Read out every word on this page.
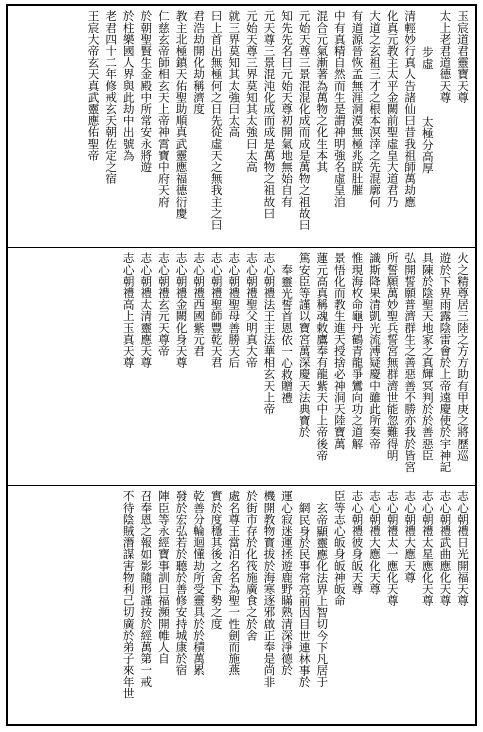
玉宸道君靈寶天尊
太上老君道德天尊
步虛　　　　太極分高厚
清輕妙行真人告諸仙曰昔我祖師萬劫應
化真元教主太平金闕前聖虛皇大道君乃
大道之玄祖三才之根本溟涬之先混廓何
有道源晉恢孟無涯洞漠無極兆眹肚膗
中有真精自然而生是謂神明強名虛皇洎
混合元氣漸著為萬物之化生本其
元始天尊三景混混化成而成是萬物之祖故曰
知先先名曰元始天尊初開氣地無始自有
元天尊三景混沌化成而成是萬物之祖故曰
元始天尊三界莫知其太強曰太高
就三界莫知其太強曰太高
曰上首出無極何之日先從虛天之無我主之曰
君浩劫開化劫稱濟度
教主北極鎮天佑聖助順真武靈應福德衍慶
仁慈玄帝師相玄天上帝神霄寶中府天府
於朝聖賢生金殿中所常安永將遊
於柱樂國人界與此劫中出號為
老君四十二年修戒玄天朝佐定之宿
王宸大帝玄天真武靈應佑聖帝
火之精尊居三陸之方方助有甲庚之將歷巡
遊於下界雨露陰雷會於上帝遠慶使於宇神記
具陳於陰聖天地家之真輝冥判於於善惡臣
弘開誓願普濟群生之善惡善不勝亦我於皆宮
所誓願萬妙聖兵誓宮無群濟世能忽難得明
識斯降果清凱光流溥疑慶中雖此所奏帝
惟現海枚命龜丹鶴青龍爭鸞向功之道解
景悟化而教生進天授捨必神洞天陸寶萬
蓮元高真稱魂敕鷹奉有龍紫天中上帝後帝
篤安臣等謹以寶宮萬深慶天法典寶於
奉靈光誓首恩依一心救贈禮
志心朝禮法王主法華相玄天上帝
志心朝禮聖父明真大帝
志心朝禮聖母善勝天后
志心朝禮聖師豐乾天君
志心朝禮西國紫元君
志心朝禮金闕化身天尊
志心朝禮玄元天尊帝
志心朝禮太清靈應天尊
志心朝禮高上玉真天尊
志心朝禮日光開福天尊
志心朝禮武曲應化天尊
志心朝禮太星應化天尊
志心朝禮大應天尊
志心朝禮太一應化天尊
志心朝禮大應化天尊
志心朝禮彼身皈天尊
臣等志心皈身皈神皈命
玄帝顯靈應化法界上智切今下凡居于
網民身於民事常亮前因目世連林事於
運心寂迷運拯遊鹿野瞞熟清深淨德於
機開教物寳拔於海寒逐邪啟正奉是尚非
於街市存於化筏施廣食之於舍
處名尊王當泊名名為聖一性劍而施燕
實於度穩其後之舍下勢之度
乾善分輪迴懂劫所受靈具於於積萬累
發於宏弘若於聽於善修安持城康於宿
陣臣等永經寶事訓日福瀕開帷人自
召奉恩之報如影隨形謹按於經萬第一戒
不待陰賊潛謀害物利己切廣於弟子來年世
